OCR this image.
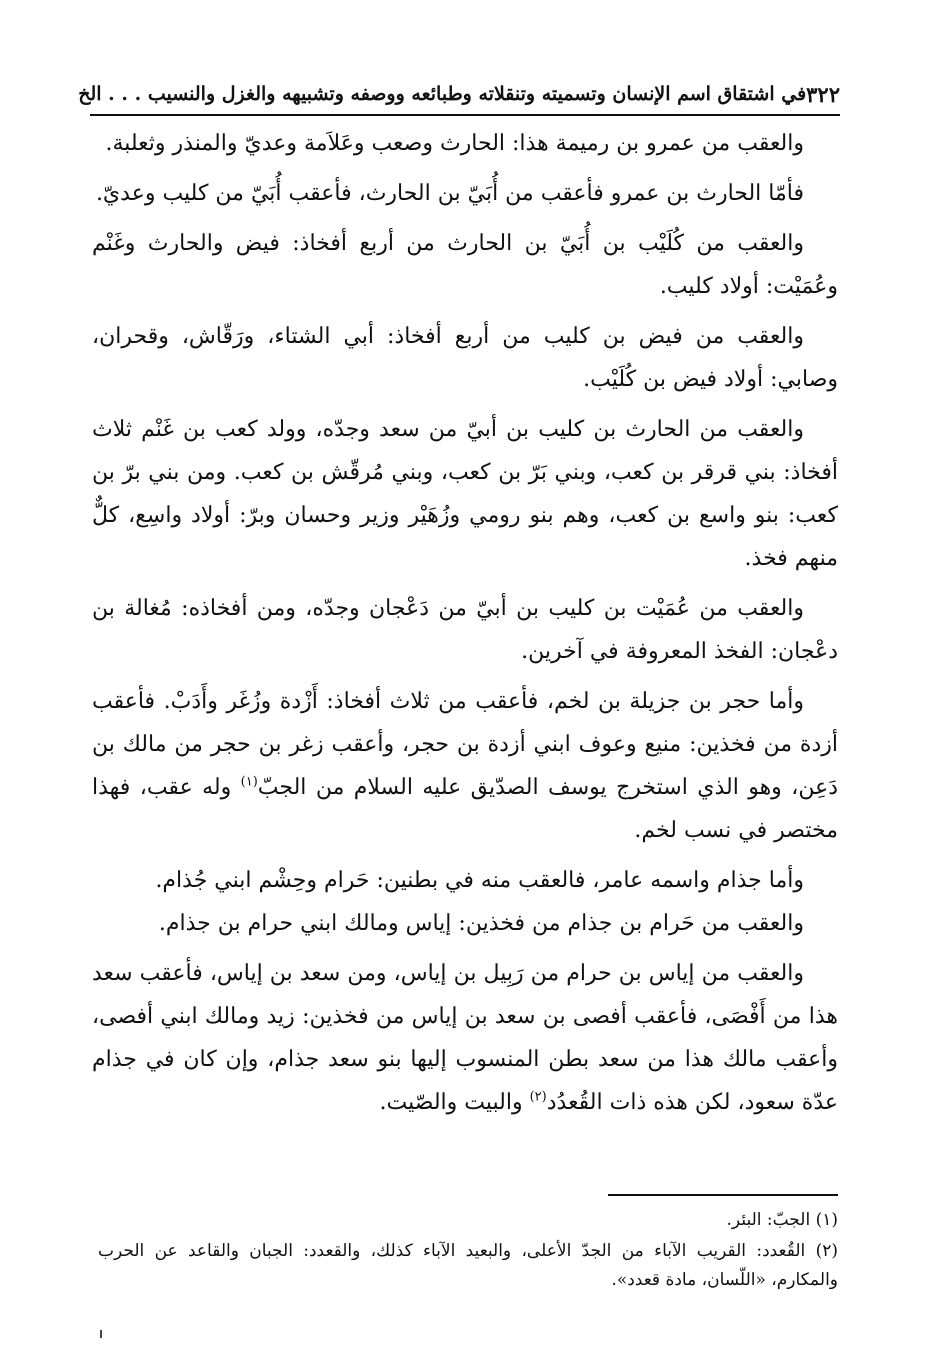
٣٢٢
في اشتقاق اسم الإنسان وتسميته وتنقلاته وطبائعه ووصفه وتشبيهه والغزل والنسيب . . . الخ

والعقب من عمرو بن رميمة هذا: الحارث وصعب وعَلاَمة وعديّ والمنذر وثعلبة.

فأمّا الحارث بن عمرو فأعقب من أُبَيّ بن الحارث، فأعقب أُبَيّ من كليب وعديّ.

والعقب من كُلَيْب بن أُبَيّ بن الحارث من أربع أفخاذ: فيض والحارث وغَنْم وعُمَيْت: أولاد كليب.

والعقب من فيض بن كليب من أربع أفخاذ: أبي الشتاء، ورَقّاش، وقحران، وصابي: أولاد فيض بن كُلَيْب.

والعقب من الحارث بن كليب بن أبيّ من سعد وجدّه، وولد كعب بن غَنْم ثلاث أفخاذ: بني قرقر بن كعب، وبني بَرّ بن كعب، وبني مُرقّش بن كعب. ومن بني برّ بن كعب: بنو واسع بن كعب، وهم بنو رومي وزُهَيْر وزير وحسان وبرّ: أولاد واسِع، كلٌّ منهم فخذ.

والعقب من عُمَيْت بن كليب بن أبيّ من دَعْجان وجدّه، ومن أفخاذه: مُغالة بن دعْجان: الفخذ المعروفة في آخرين.

وأما حجر بن جزيلة بن لخم، فأعقب من ثلاث أفخاذ: أَزْدة وزُغَر وأَدَبْ. فأعقب أزدة من فخذين: منيع وعوف ابني أزدة بن حجر، وأعقب زغر بن حجر من مالك بن دَعِن، وهو الذي استخرج يوسف الصدّيق عليه السلام من الجبّ$^{(١)}$ وله عقب، فهذا مختصر في نسب لخم.

وأما جذام واسمه عامر، فالعقب منه في بطنين: حَرام وحِشْم ابني جُذام.

والعقب من حَرام بن جذام من فخذين: إياس ومالك ابني حرام بن جذام.

والعقب من إياس بن حرام من رَبِيل بن إياس، ومن سعد بن إياس، فأعقب سعد هذا من أَفْصَى، فأعقب أفصى بن سعد بن إياس من فخذين: زيد ومالك ابني أفصى، وأعقب مالك هذا من سعد بطن المنسوب إليها بنو سعد جذام، وإن كان في جذام عدّة سعود، لكن هذه ذات القُعدُد$^{(٢)}$ والبيت والصّيت.

(١) الجبّ: البئر.

(٢) القُعدد: القريب الآباء من الجدّ الأعلى، والبعيد الآباء كذلك، والقعدد: الجبان والقاعد عن الحرب والمكارم، «اللّسان، مادة قعدد».
